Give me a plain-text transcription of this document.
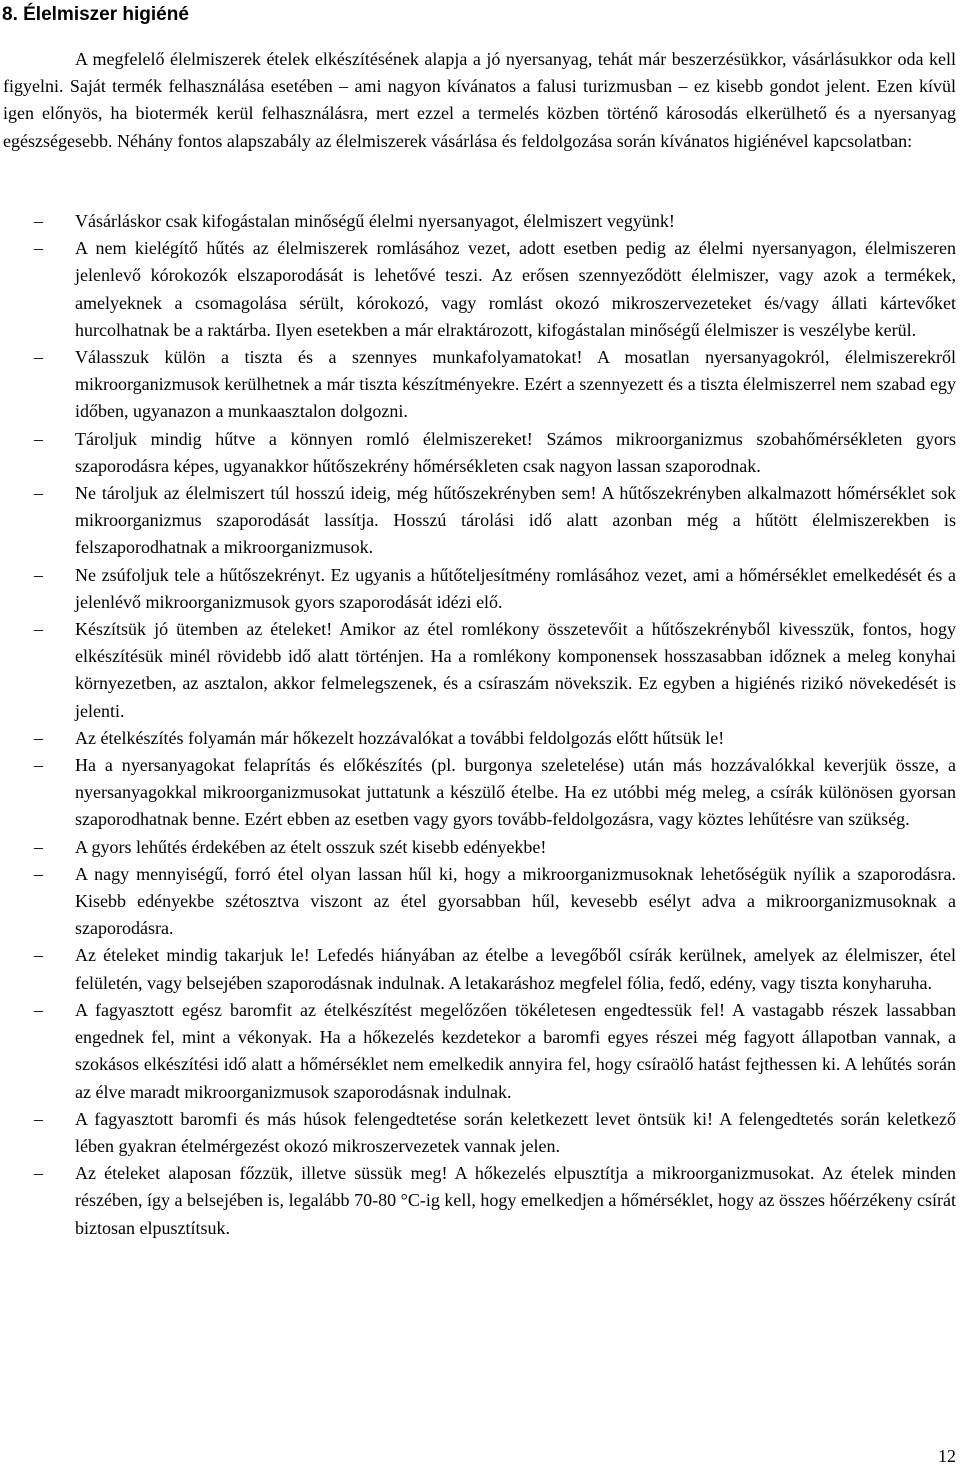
8. Élelmiszer higiéné

A megfelelő élelmiszerek ételek elkészítésének alapja a jó nyersanyag, tehát már beszerzésükkor, vásárlásukkor oda kell figyelni. Saját termék felhasználása esetében ‒ ami nagyon kívánatos a falusi turizmusban ‒ ez kisebb gondot jelent. Ezen kívül igen előnyös, ha biotermék kerül felhasználásra, mert ezzel a termelés közben történő károsodás elkerülhető és a nyersanyag egészségesebb. Néhány fontos alapszabály az élelmiszerek vásárlása és feldolgozása során kívánatos higiénével kapcsolatban:

‒	Vásárláskor csak kifogástalan minőségű élelmi nyersanyagot, élelmiszert vegyünk!
‒	A nem kielégítő hűtés az élelmiszerek romlásához vezet, adott esetben pedig az élelmi nyersanyagon, élelmiszeren jelenlevő kórokozók elszaporodását is lehetővé teszi. Az erősen szennyeződött élelmiszer, vagy azok a termékek, amelyeknek a csomagolása sérült, kórokozó, vagy romlást okozó mikroszervezeteket és/vagy állati kártevőket hurcolhatnak be a raktárba. Ilyen esetekben a már elraktározott, kifogástalan minőségű élelmiszer is veszélybe kerül.
‒	Válasszuk külön a tiszta és a szennyes munkafolyamatokat! A mosatlan nyersanyagokról, élelmiszerekről mikroorganizmusok kerülhetnek a már tiszta készítményekre. Ezért a szennyezett és a tiszta élelmiszerrel nem szabad egy időben, ugyanazon a munkaasztalon dolgozni.
‒	Tároljuk mindig hűtve a könnyen romló élelmiszereket! Számos mikroorganizmus szobahőmérsékleten gyors szaporodásra képes, ugyanakkor hűtőszekrény hőmérsékleten csak nagyon lassan szaporodnak.
‒	Ne tároljuk az élelmiszert túl hosszú ideig, még hűtőszekrényben sem! A hűtőszekrényben alkalmazott hőmérséklet sok mikroorganizmus szaporodását lassítja. Hosszú tárolási idő alatt azonban még a hűtött élelmiszerekben is felszaporodhatnak a mikroorganizmusok.
‒	Ne zsúfoljuk tele a hűtőszekrényt. Ez ugyanis a hűtőteljesítmény romlásához vezet, ami a hőmérséklet emelkedését és a jelenlévő mikroorganizmusok gyors szaporodását idézi elő.
‒	Készítsük jó ütemben az ételeket! Amikor az étel romlékony összetevőit a hűtőszekrényből kivesszük, fontos, hogy elkészítésük minél rövidebb idő alatt történjen. Ha a romlékony komponensek hosszasabban időznek a meleg konyhai környezetben, az asztalon, akkor felmelegszenek, és a csíraszám növekszik. Ez egyben a higiénés rizikó növekedését is jelenti.
‒	Az ételkészítés folyamán már hőkezelt hozzávalókat a további feldolgozás előtt hűtsük le!
‒	Ha a nyersanyagokat felaprítás és előkészítés (pl. burgonya szeletelése) után más hozzávalókkal keverjük össze, a nyersanyagokkal mikroorganizmusokat juttatunk a készülő ételbe. Ha ez utóbbi még meleg, a csírák különösen gyorsan szaporodhatnak benne. Ezért ebben az esetben vagy gyors tovább-feldolgozásra, vagy köztes lehűtésre van szükség.
‒	A gyors lehűtés érdekében az ételt osszuk szét kisebb edényekbe!
‒	A nagy mennyiségű, forró étel olyan lassan hűl ki, hogy a mikroorganizmusoknak lehetőségük nyílik a szaporodásra. Kisebb edényekbe szétosztva viszont az étel gyorsabban hűl, kevesebb esélyt adva a mikroorganizmusoknak a szaporodásra.
‒	Az ételeket mindig takarjuk le! Lefedés hiányában az ételbe a levegőből csírák kerülnek, amelyek az élelmiszer, étel felületén, vagy belsejében szaporodásnak indulnak. A letakaráshoz megfelel fólia, fedő, edény, vagy tiszta konyharuha.
‒	A fagyasztott egész baromfit az ételkészítést megelőzően tökéletesen engedtessük fel! A vastagabb részek lassabban engednek fel, mint a vékonyak. Ha a hőkezelés kezdetekor a baromfi egyes részei még fagyott állapotban vannak, a szokásos elkészítési idő alatt a hőmérséklet nem emelkedik annyira fel, hogy csíraölő hatást fejthessen ki. A lehűtés során az élve maradt mikroorganizmusok szaporodásnak indulnak.
‒	A fagyasztott baromfi és más húsok felengedtetése során keletkezett levet öntsük ki! A felengedtetés során keletkező lében gyakran ételmérgezést okozó mikroszervezetek vannak jelen.
‒	Az ételeket alaposan főzzük, illetve süssük meg! A hőkezelés elpusztítja a mikroorganizmusokat. Az ételek minden részében, így a belsejében is, legalább 70-80 °C-ig kell, hogy emelkedjen a hőmérséklet, hogy az összes hőérzékeny csírát biztosan elpusztítsuk.

12
